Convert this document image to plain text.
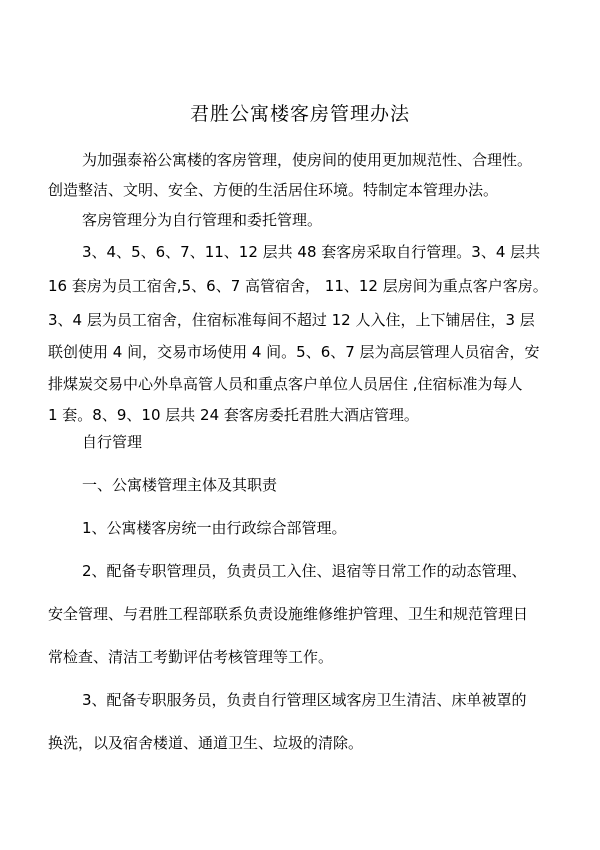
君胜公寓楼客房管理办法
为加强泰裕公寓楼的客房管理，使房间的使用更加规范性、合理性。
创造整洁、文明、安全、方便的生活居住环境。特制定本管理办法。
客房管理分为自行管理和委托管理。
3、4、5、6、7、11、12 层共 48 套客房采取自行管理。3、4 层共
16 套房为员工宿舍,5、6、7 高管宿舍， 11、12 层房间为重点客户客房。
3、4 层为员工宿舍，住宿标准每间不超过 12 人入住，上下铺居住，3 层
联创使用 4 间，交易市场使用 4 间。5、6、7 层为高层管理人员宿舍，安
排煤炭交易中心外阜高管人员和重点客户单位人员居住 ,住宿标准为每人
1 套。8、9、10 层共 24 套客房委托君胜大酒店管理。
自行管理
一、公寓楼管理主体及其职责
1、公寓楼客房统一由行政综合部管理。
2、配备专职管理员，负责员工入住、退宿等日常工作的动态管理、
安全管理、与君胜工程部联系负责设施维修维护管理、卫生和规范管理日
常检查、清洁工考勤评估考核管理等工作。
3、配备专职服务员，负责自行管理区域客房卫生清洁、床单被罩的
换洗，以及宿舍楼道、通道卫生、垃圾的清除。
